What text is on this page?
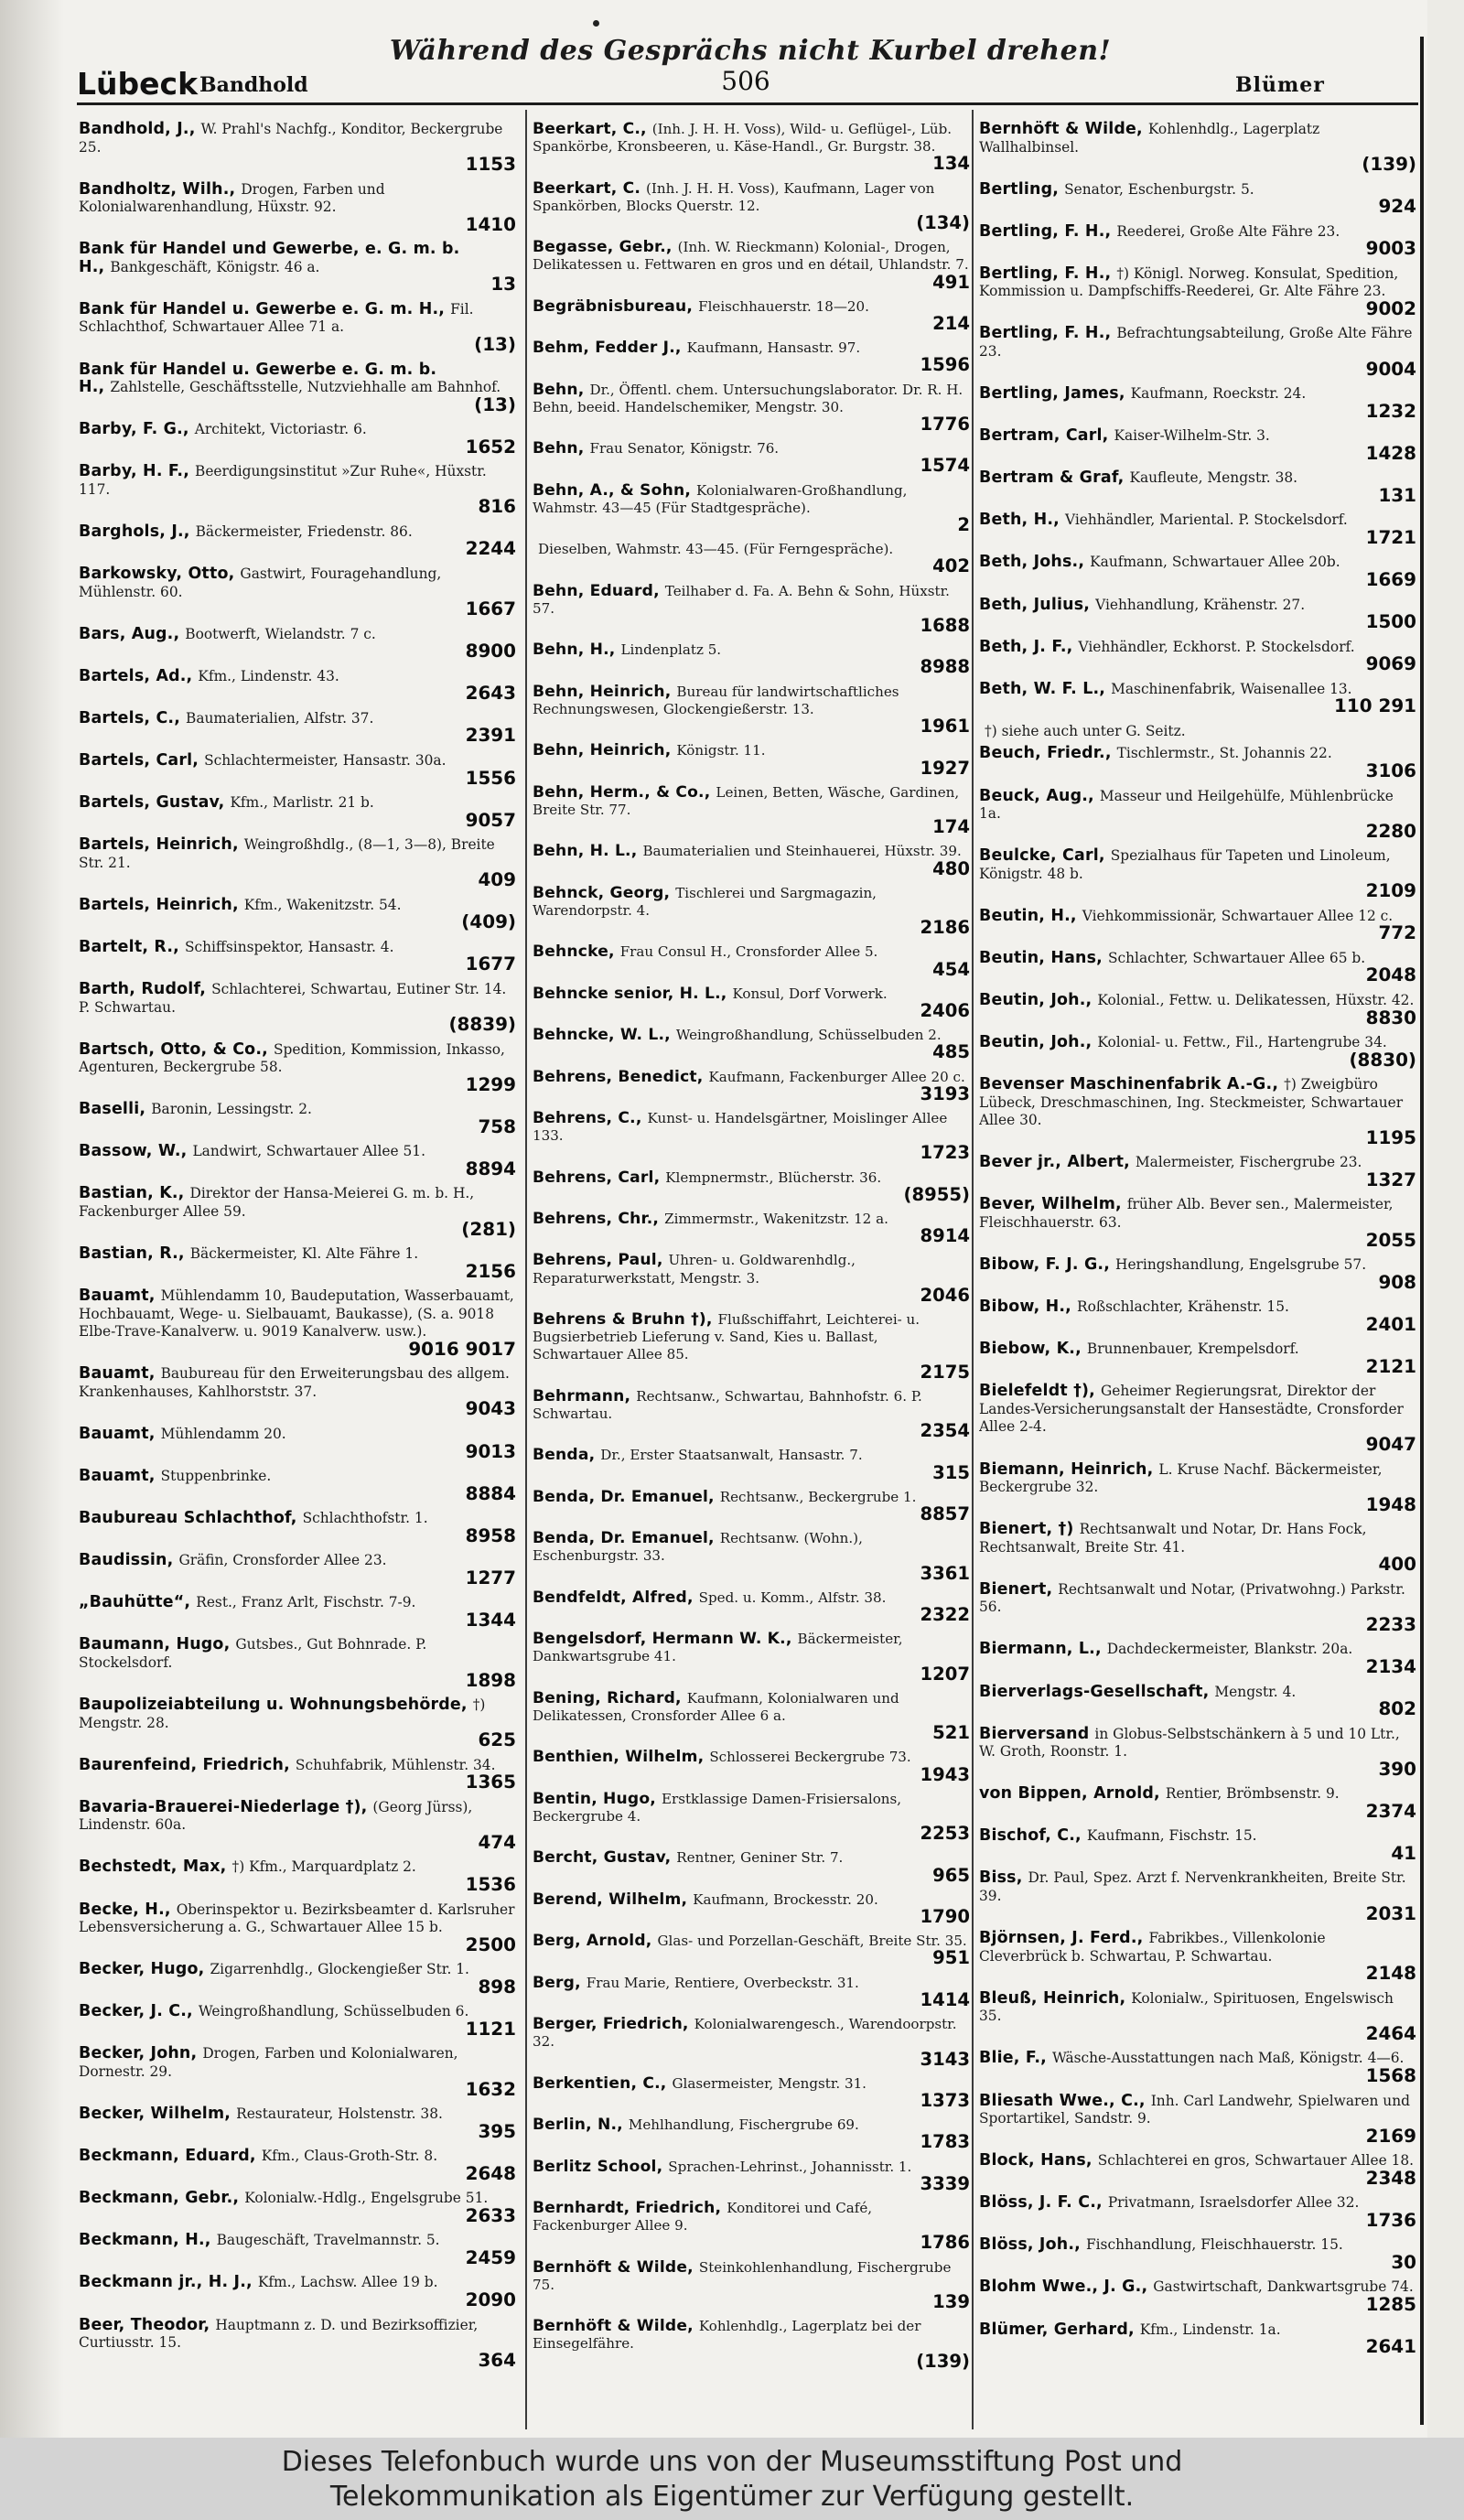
Während des Gesprächs nicht Kurbel drehen!
Lübeck Bandhold	506	Blümer
Bandhold, J., W. Prahl's Nachfg., Konditor, Beckergrube 25.
1153
Bandholtz, Wilh., Drogen, Farben und Kolonialwarenhandlung, Hüxstr. 92.
1410
Bank für Handel und Gewerbe, e. G. m. b. H., Bankgeschäft, Königstr. 46 a.
13
Bank für Handel u. Gewerbe e. G. m. H., Fil. Schlachthof, Schwartauer Allee 71 a.
(13)
Bank für Handel u. Gewerbe e. G. m. b. H., Zahlstelle, Geschäftsstelle, Nutzviehhalle am Bahnhof.
(13)
Barby, F. G., Architekt, Victoriastr. 6.
1652
Barby, H. F., Beerdigungsinstitut »Zur Ruhe«, Hüxstr. 117.
816
Barghols, J., Bäckermeister, Friedenstr. 86.
2244
Barkowsky, Otto, Gastwirt, Fouragehandlung, Mühlenstr. 60.
1667
Bars, Aug., Bootwerft, Wielandstr. 7 c.
8900
Bartels, Ad., Kfm., Lindenstr. 43.
2643
Bartels, C., Baumaterialien, Alfstr. 37.
2391
Bartels, Carl, Schlachtermeister, Hansastr. 30a.
1556
Bartels, Gustav, Kfm., Marlistr. 21 b.
9057
Bartels, Heinrich, Weingroßhdlg., (8—1, 3—8), Breite Str. 21.
409
Bartels, Heinrich, Kfm., Wakenitzstr. 54.
(409)
Bartelt, R., Schiffsinspektor, Hansastr. 4.
1677
Barth, Rudolf, Schlachterei, Schwartau, Eutiner Str. 14. P. Schwartau.
(8839)
Bartsch, Otto, & Co., Spedition, Kommission, Inkasso, Agenturen, Beckergrube 58.
1299
Baselli, Baronin, Lessingstr. 2.
758
Bassow, W., Landwirt, Schwartauer Allee 51.
8894
Bastian, K., Direktor der Hansa-Meierei G. m. b. H., Fackenburger Allee 59.
(281)
Bastian, R., Bäckermeister, Kl. Alte Fähre 1.
2156
Bauamt, Mühlendamm 10, Baudeputation, Wasserbauamt, Hochbauamt, Wege- u. Sielbauamt, Baukasse), (S. a. 9018 Elbe-Trave-Kanalverw. u. 9019 Kanalverw. usw.).
9016 9017
Bauamt, Baubureau für den Erweiterungsbau des allgem. Krankenhauses, Kahlhorststr. 37.
9043
Bauamt, Mühlendamm 20.
9013
Bauamt, Stuppenbrinke.
8884
Baubureau Schlachthof, Schlachthofstr. 1.
8958
Baudissin, Gräfin, Cronsforder Allee 23.
1277
„Bauhütte“, Rest., Franz Arlt, Fischstr. 7-9.
1344
Baumann, Hugo, Gutsbes., Gut Bohnrade. P. Stockelsdorf.
1898
Baupolizeiabteilung u. Wohnungsbehörde, †) Mengstr. 28.
625
Baurenfeind, Friedrich, Schuhfabrik, Mühlenstr. 34.
1365
Bavaria-Brauerei-Niederlage †), (Georg Jürss), Lindenstr. 60a.
474
Bechstedt, Max, †) Kfm., Marquardplatz 2.
1536
Becke, H., Oberinspektor u. Bezirksbeamter d. Karlsruher Lebensversicherung a. G., Schwartauer Allee 15 b.
2500
Becker, Hugo, Zigarrenhdlg., Glockengießer Str. 1.
898
Becker, J. C., Weingroßhandlung, Schüsselbuden 6.
1121
Becker, John, Drogen, Farben und Kolonialwaren, Dornestr. 29.
1632
Becker, Wilhelm, Restaurateur, Holstenstr. 38.
395
Beckmann, Eduard, Kfm., Claus-Groth-Str. 8.
2648
Beckmann, Gebr., Kolonialw.-Hdlg., Engelsgrube 51.
2633
Beckmann, H., Baugeschäft, Travelmannstr. 5.
2459
Beckmann jr., H. J., Kfm., Lachsw. Allee 19 b.
2090
Beer, Theodor, Hauptmann z. D. und Bezirksoffizier, Curtiusstr. 15.
364
Beerkart, C., (Inh. J. H. H. Voss), Wild- u. Geflügel-, Lüb. Spankörbe, Kronsbeeren, u. Käse-Handl., Gr. Burgstr. 38.
134
Beerkart, C. (Inh. J. H. H. Voss), Kaufmann, Lager von Spankörben, Blocks Querstr. 12.
(134)
Begasse, Gebr., (Inh. W. Rieckmann) Kolonial-, Drogen, Delikatessen u. Fettwaren en gros und en détail, Uhlandstr. 7.
491
Begräbnisbureau, Fleischhauerstr. 18—20.
214
Behm, Fedder J., Kaufmann, Hansastr. 97.
1596
Behn, Dr., Öffentl. chem. Untersuchungslaborator. Dr. R. H. Behn, beeid. Handelschemiker, Mengstr. 30.
1776
Behn, Frau Senator, Königstr. 76.
1574
Behn, A., & Sohn, Kolonialwaren-Großhandlung, Wahmstr. 43—45 (Für Stadtgespräche).
2
Dieselben, Wahmstr. 43—45. (Für Ferngespräche).
402
Behn, Eduard, Teilhaber d. Fa. A. Behn & Sohn, Hüxstr. 57.
1688
Behn, H., Lindenplatz 5.
8988
Behn, Heinrich, Bureau für landwirtschaftliches Rechnungswesen, Glockengießerstr. 13.
1961
Behn, Heinrich, Königstr. 11.
1927
Behn, Herm., & Co., Leinen, Betten, Wäsche, Gardinen, Breite Str. 77.
174
Behn, H. L., Baumaterialien und Steinhauerei, Hüxstr. 39.
480
Behnck, Georg, Tischlerei und Sargmagazin, Warendorpstr. 4.
2186
Behncke, Frau Consul H., Cronsforder Allee 5.
454
Behncke senior, H. L., Konsul, Dorf Vorwerk.
2406
Behncke, W. L., Weingroßhandlung, Schüsselbuden 2.
485
Behrens, Benedict, Kaufmann, Fackenburger Allee 20 c.
3193
Behrens, C., Kunst- u. Handelsgärtner, Moislinger Allee 133.
1723
Behrens, Carl, Klempnermstr., Blücherstr. 36.
(8955)
Behrens, Chr., Zimmermstr., Wakenitzstr. 12 a.
8914
Behrens, Paul, Uhren- u. Goldwarenhdlg., Reparaturwerkstatt, Mengstr. 3.
2046
Behrens & Bruhn †), Flußschiffahrt, Leichterei- u. Bugsierbetrieb Lieferung v. Sand, Kies u. Ballast, Schwartauer Allee 85.
2175
Behrmann, Rechtsanw., Schwartau, Bahnhofstr. 6. P. Schwartau.
2354
Benda, Dr., Erster Staatsanwalt, Hansastr. 7.
315
Benda, Dr. Emanuel, Rechtsanw., Beckergrube 1.
8857
Benda, Dr. Emanuel, Rechtsanw. (Wohn.), Eschenburgstr. 33.
3361
Bendfeldt, Alfred, Sped. u. Komm., Alfstr. 38.
2322
Bengelsdorf, Hermann W. K., Bäckermeister, Dankwartsgrube 41.
1207
Bening, Richard, Kaufmann, Kolonialwaren und Delikatessen, Cronsforder Allee 6 a.
521
Benthien, Wilhelm, Schlosserei Beckergrube 73.
1943
Bentin, Hugo, Erstklassige Damen-Frisiersalons, Beckergrube 4.
2253
Bercht, Gustav, Rentner, Geniner Str. 7.
965
Berend, Wilhelm, Kaufmann, Brockesstr. 20.
1790
Berg, Arnold, Glas- und Porzellan-Geschäft, Breite Str. 35.
951
Berg, Frau Marie, Rentiere, Overbeckstr. 31.
1414
Berger, Friedrich, Kolonialwarengesch., Warendoorpstr. 32.
3143
Berkentien, C., Glasermeister, Mengstr. 31.
1373
Berlin, N., Mehlhandlung, Fischergrube 69.
1783
Berlitz School, Sprachen-Lehrinst., Johannisstr. 1.
3339
Bernhardt, Friedrich, Konditorei und Café, Fackenburger Allee 9.
1786
Bernhöft & Wilde, Steinkohlenhandlung, Fischergrube 75.
139
Bernhöft & Wilde, Kohlenhdlg., Lagerplatz bei der Einsegelfähre.
(139)
Bernhöft & Wilde, Kohlenhdlg., Lagerplatz Wallhalbinsel.
(139)
Bertling, Senator, Eschenburgstr. 5.
924
Bertling, F. H., Reederei, Große Alte Fähre 23.
9003
Bertling, F. H., †) Königl. Norweg. Konsulat, Spedition, Kommission u. Dampfschiffs-Reederei, Gr. Alte Fähre 23.
9002
Bertling, F. H., Befrachtungsabteilung, Große Alte Fähre 23.
9004
Bertling, James, Kaufmann, Roeckstr. 24.
1232
Bertram, Carl, Kaiser-Wilhelm-Str. 3.
1428
Bertram & Graf, Kaufleute, Mengstr. 38.
131
Beth, H., Viehhändler, Mariental. P. Stockelsdorf.
1721
Beth, Johs., Kaufmann, Schwartauer Allee 20b.
1669
Beth, Julius, Viehhandlung, Krähenstr. 27.
1500
Beth, J. F., Viehhändler, Eckhorst. P. Stockelsdorf.
9069
Beth, W. F. L., Maschinenfabrik, Waisenallee 13.
110 291
†) siehe auch unter G. Seitz.
Beuch, Friedr., Tischlermstr., St. Johannis 22.
3106
Beuck, Aug., Masseur und Heilgehülfe, Mühlenbrücke 1a.
2280
Beulcke, Carl, Spezialhaus für Tapeten und Linoleum, Königstr. 48 b.
2109
Beutin, H., Viehkommissionär, Schwartauer Allee 12 c.
772
Beutin, Hans, Schlachter, Schwartauer Allee 65 b.
2048
Beutin, Joh., Kolonial., Fettw. u. Delikatessen, Hüxstr. 42.
8830
Beutin, Joh., Kolonial- u. Fettw., Fil., Hartengrube 34.
(8830)
Bevenser Maschinenfabrik A.-G., †) Zweigbüro Lübeck, Dreschmaschinen, Ing. Steckmeister, Schwartauer Allee 30.
1195
Bever jr., Albert, Malermeister, Fischergrube 23.
1327
Bever, Wilhelm, früher Alb. Bever sen., Malermeister, Fleischhauerstr. 63.
2055
Bibow, F. J. G., Heringshandlung, Engelsgrube 57.
908
Bibow, H., Roßschlachter, Krähenstr. 15.
2401
Biebow, K., Brunnenbauer, Krempelsdorf.
2121
Bielefeldt †), Geheimer Regierungsrat, Direktor der Landes-Versicherungsanstalt der Hansestädte, Cronsforder Allee 2-4.
9047
Biemann, Heinrich, L. Kruse Nachf. Bäckermeister, Beckergrube 32.
1948
Bienert, †) Rechtsanwalt und Notar, Dr. Hans Fock, Rechtsanwalt, Breite Str. 41.
400
Bienert, Rechtsanwalt und Notar, (Privatwohng.) Parkstr. 56.
2233
Biermann, L., Dachdeckermeister, Blankstr. 20a.
2134
Bierverlags-Gesellschaft, Mengstr. 4.
802
Bierversand in Globus-Selbstschänkern à 5 und 10 Ltr., W. Groth, Roonstr. 1.
390
von Bippen, Arnold, Rentier, Brömbsenstr. 9.
2374
Bischof, C., Kaufmann, Fischstr. 15.
41
Biss, Dr. Paul, Spez. Arzt f. Nervenkrankheiten, Breite Str. 39.
2031
Björnsen, J. Ferd., Fabrikbes., Villenkolonie Cleverbrück b. Schwartau, P. Schwartau.
2148
Bleuß, Heinrich, Kolonialw., Spirituosen, Engelswisch 35.
2464
Blie, F., Wäsche-Ausstattungen nach Maß, Königstr. 4—6.
1568
Bliesath Wwe., C., Inh. Carl Landwehr, Spielwaren und Sportartikel, Sandstr. 9.
2169
Block, Hans, Schlachterei en gros, Schwartauer Allee 18.
2348
Blöss, J. F. C., Privatmann, Israelsdorfer Allee 32.
1736
Blöss, Joh., Fischhandlung, Fleischhauerstr. 15.
30
Blohm Wwe., J. G., Gastwirtschaft, Dankwartsgrube 74.
1285
Blümer, Gerhard, Kfm., Lindenstr. 1a.
2641
Dieses Telefonbuch wurde uns von der Museumsstiftung Post und
Telekommunikation als Eigentümer zur Verfügung gestellt.
